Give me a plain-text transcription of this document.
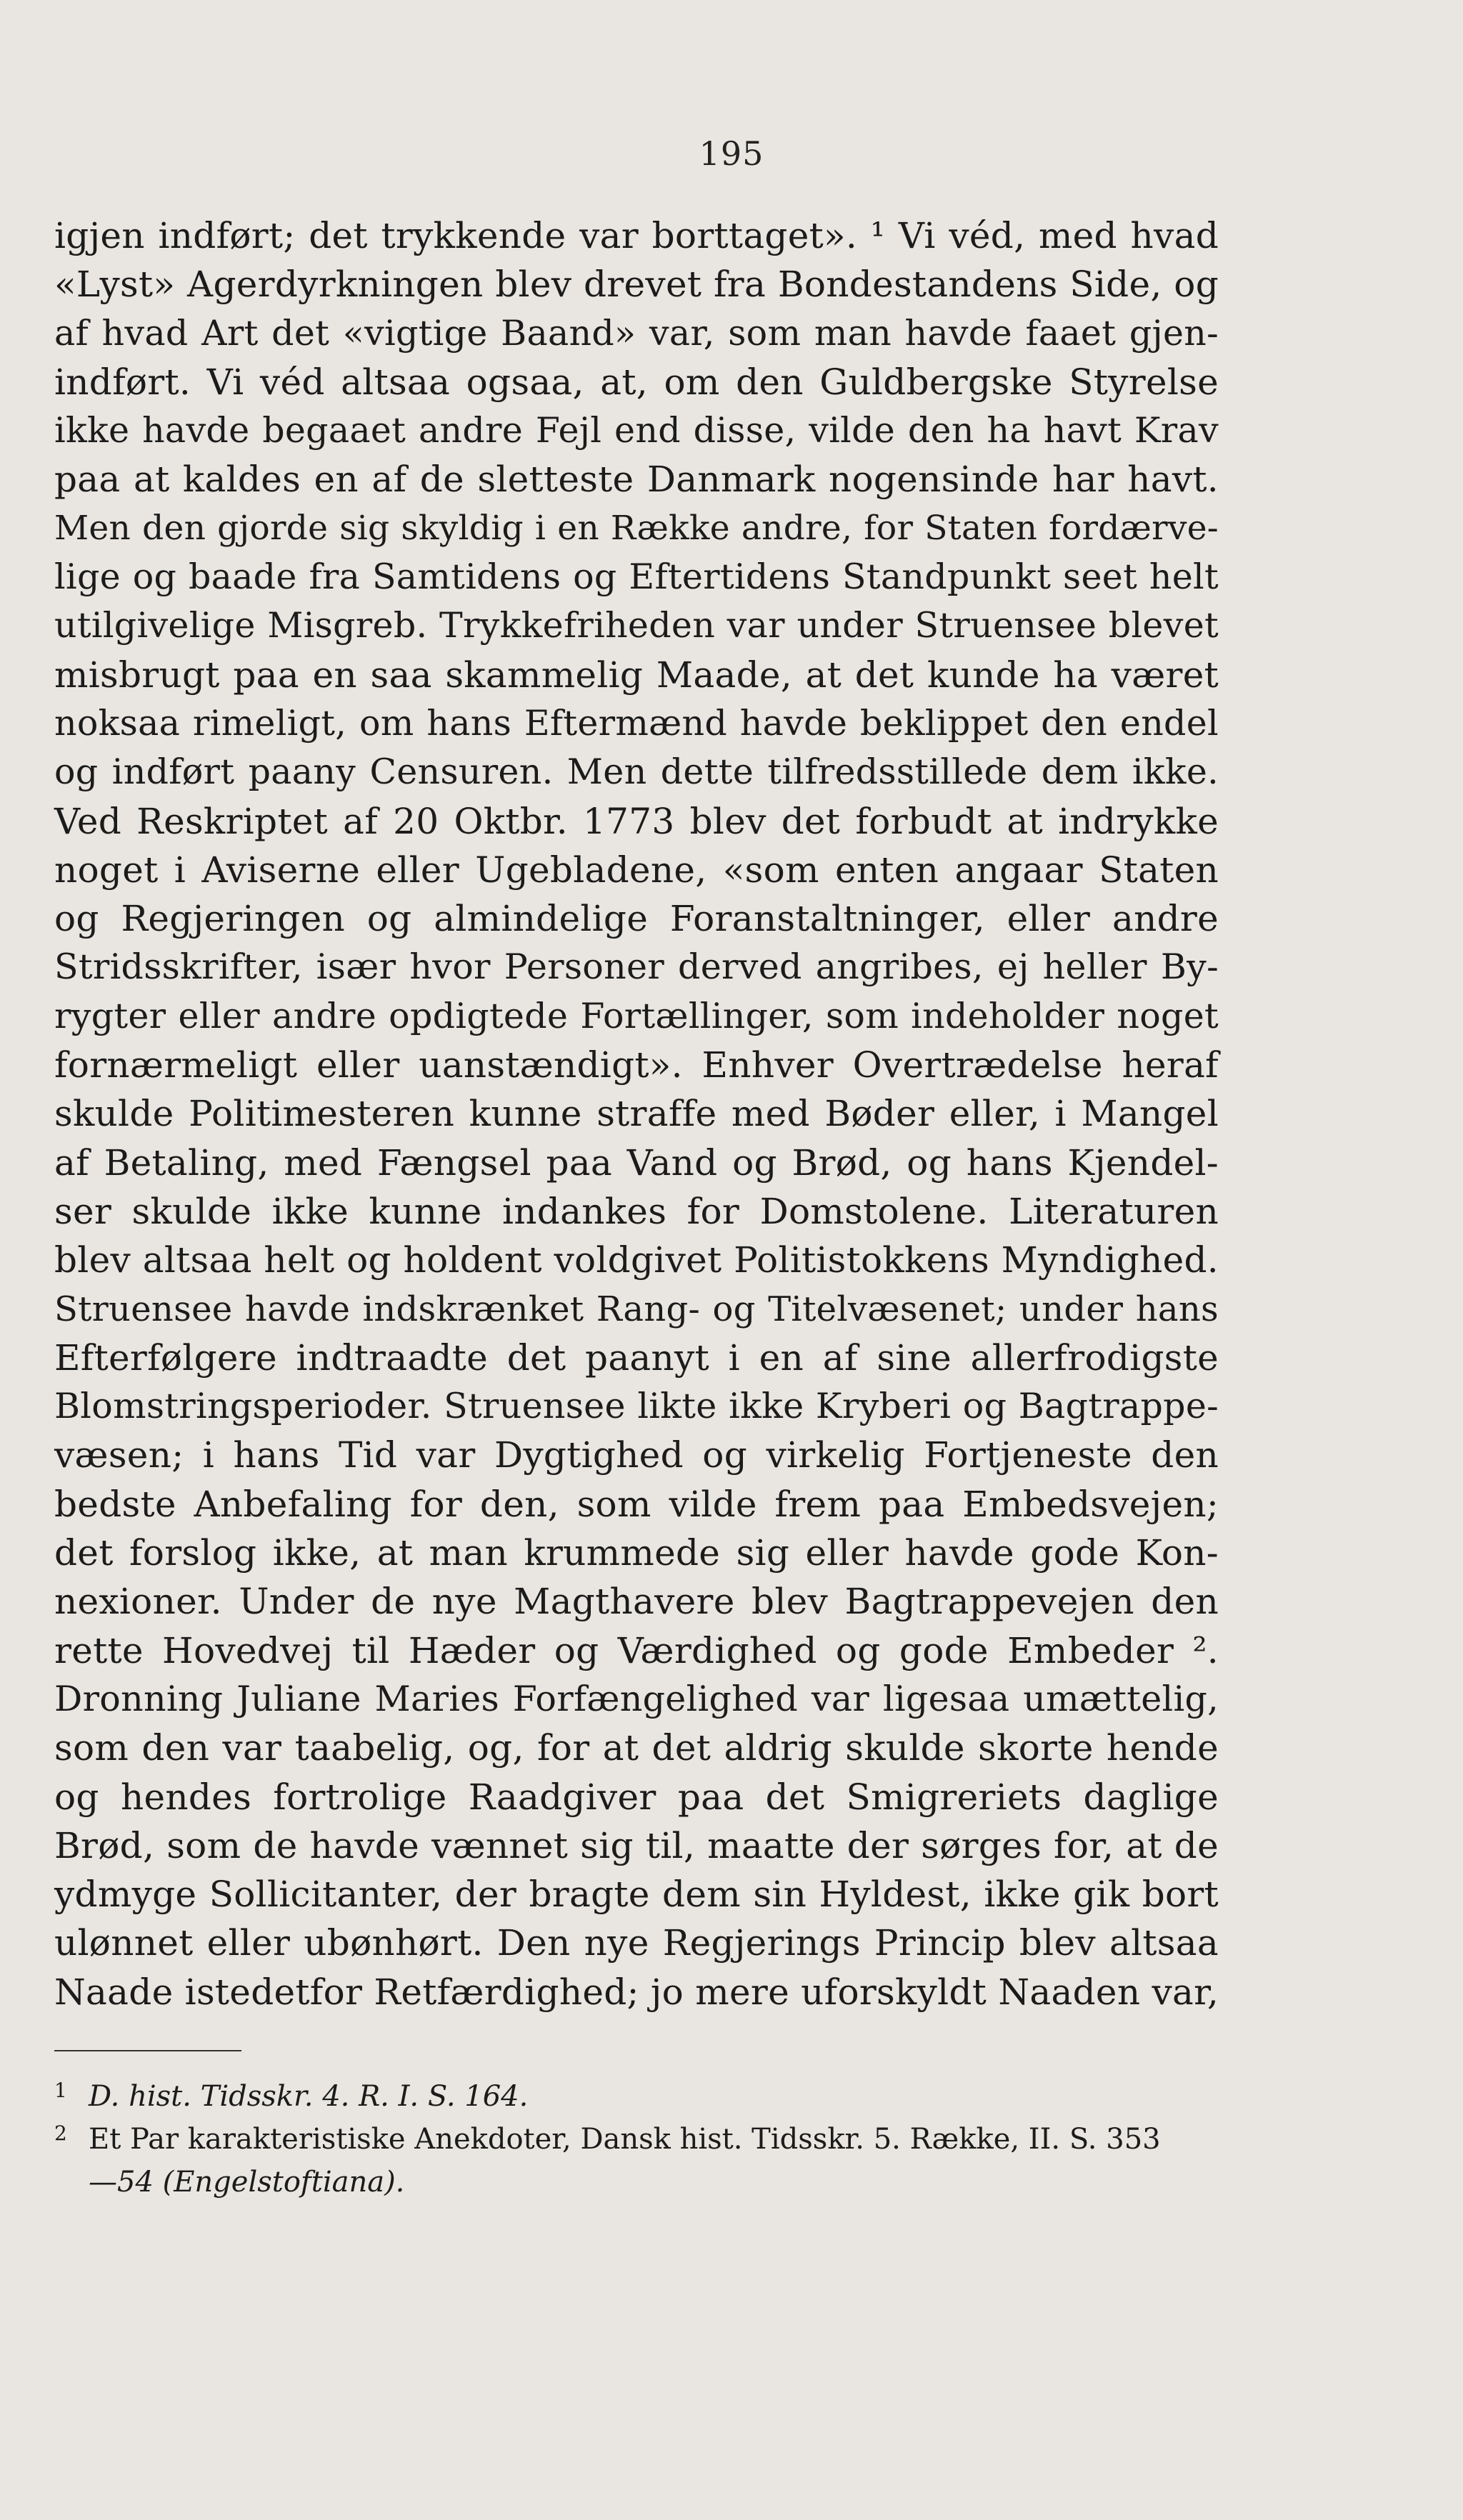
195
igjen indført; det trykkende var borttaget». ¹ Vi véd, med hvad
«Lyst» Agerdyrkningen blev drevet fra Bondestandens Side, og
af hvad Art det «vigtige Baand» var, som man havde faaet gjen-
indført. Vi véd altsaa ogsaa, at, om den Guldbergske Styrelse
ikke havde begaaet andre Fejl end disse, vilde den ha havt Krav
paa at kaldes en af de sletteste Danmark nogensinde har havt.
Men den gjorde sig skyldig i en Række andre, for Staten fordærve-
lige og baade fra Samtidens og Eftertidens Standpunkt seet helt
utilgivelige Misgreb. Trykkefriheden var under Struensee blevet
misbrugt paa en saa skammelig Maade, at det kunde ha været
noksaa rimeligt, om hans Eftermænd havde beklippet den endel
og indført paany Censuren. Men dette tilfredsstillede dem ikke.
Ved Reskriptet af 20 Oktbr. 1773 blev det forbudt at indrykke
noget i Aviserne eller Ugebladene, «som enten angaar Staten
og Regjeringen og almindelige Foranstaltninger, eller andre
Stridsskrifter, især hvor Personer derved angribes, ej heller By-
rygter eller andre opdigtede Fortællinger, som indeholder noget
fornærmeligt eller uanstændigt». Enhver Overtrædelse heraf
skulde Politimesteren kunne straffe med Bøder eller, i Mangel
af Betaling, med Fængsel paa Vand og Brød, og hans Kjendel-
ser skulde ikke kunne indankes for Domstolene. Literaturen
blev altsaa helt og holdent voldgivet Politistokkens Myndighed.
Struensee havde indskrænket Rang- og Titelvæsenet; under hans
Efterfølgere indtraadte det paanyt i en af sine allerfrodigste
Blomstringsperioder. Struensee likte ikke Kryberi og Bagtrappe-
væsen; i hans Tid var Dygtighed og virkelig Fortjeneste den
bedste Anbefaling for den, som vilde frem paa Embedsvejen;
det forslog ikke, at man krummede sig eller havde gode Kon-
nexioner. Under de nye Magthavere blev Bagtrappevejen den
rette Hovedvej til Hæder og Værdighed og gode Embeder ².
Dronning Juliane Maries Forfængelighed var ligesaa umættelig,
som den var taabelig, og, for at det aldrig skulde skorte hende
og hendes fortrolige Raadgiver paa det Smigreriets daglige
Brød, som de havde vænnet sig til, maatte der sørges for, at de
ydmyge Sollicitanter, der bragte dem sin Hyldest, ikke gik bort
ulønnet eller ubønhørt. Den nye Regjerings Princip blev altsaa
Naade istedetfor Retfærdighed; jo mere uforskyldt Naaden var,
1 D. hist. Tidsskr. 4. R. I. S. 164.
2 Et Par karakteristiske Anekdoter, Dansk hist. Tidsskr. 5. Række, II. S. 353
—54 (Engelstoftiana).
